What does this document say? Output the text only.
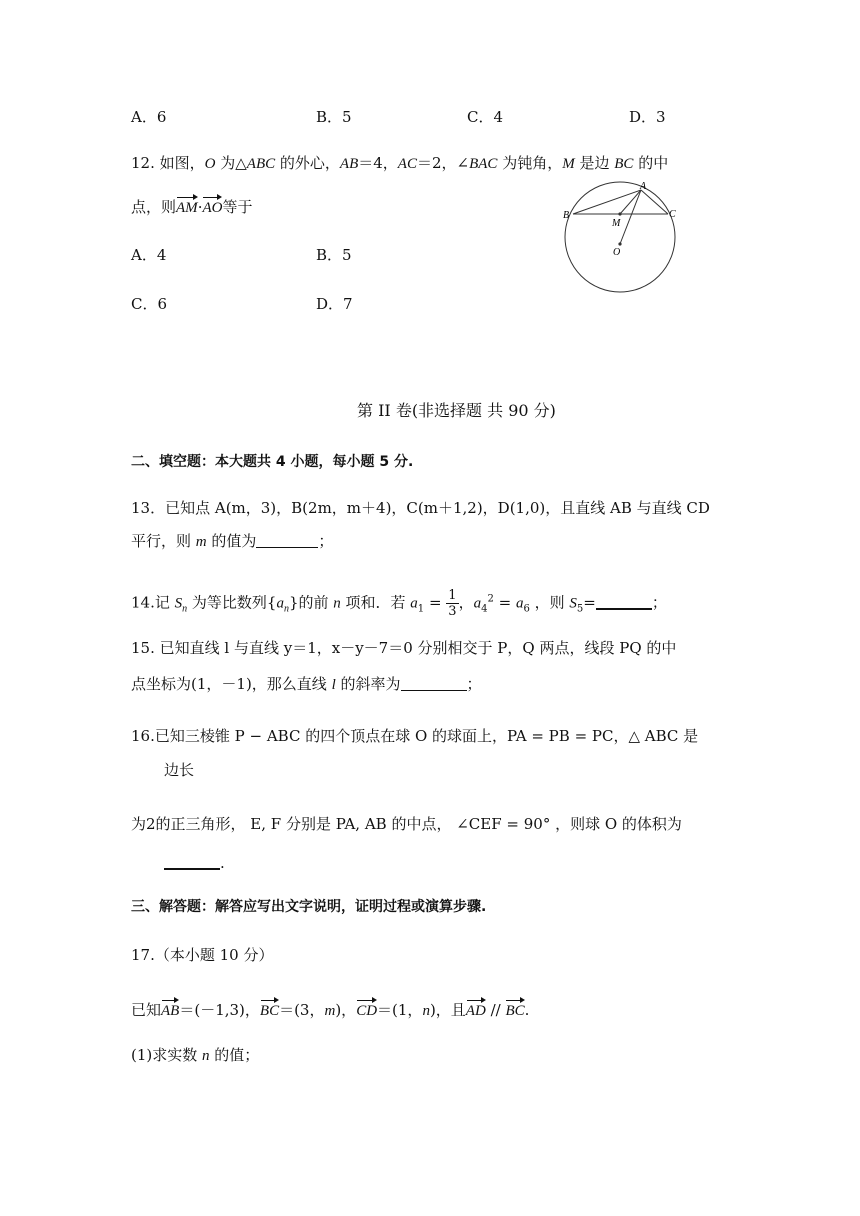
A．6	B．5	C．4	D．3
12. 如图，O 为△ABC 的外心，AB＝4，AC＝2，∠BAC 为钝角，M 是边 BC 的中
点，则AM·AO等于
A．4	B．5
C．6	D．7
A
B	C
M
O
第 II 卷(非选择题 共 90 分)
二、填空题：本大题共 4 小题，每小题 5 分.
13．已知点 A(m，3)，B(2m，m＋4)，C(m＋1,2)，D(1,0)，且直线 AB 与直线 CD
平行，则 m 的值为	；
14.记 $S_n$ 为等比数列$\{a_n\}$的前 n 项和．若 $a_1 = \frac{1}{3}$ ，$a_4^2 = a_6$ ，则 $S_5=$	；
15. 已知直线 l 与直线 y＝1，x－y－7＝0 分别相交于 P，Q 两点，线段 PQ 的中
点坐标为(1，－1)，那么直线 l 的斜率为	；
16.已知三棱锥 P − ABC 的四个顶点在球 O 的球面上，PA = PB = PC，△ ABC 是
边长
为2的正三角形， E, F 分别是 PA, AB 的中点， ∠CEF = 90° ，则球 O 的体积为
.
三、解答题：解答应写出文字说明，证明过程或演算步骤.
17.（本小题 10 分）
已知AB＝(－1,3)，BC＝(3，m)，CD＝(1，n)，且AD // BC.
(1)求实数 n 的值；
